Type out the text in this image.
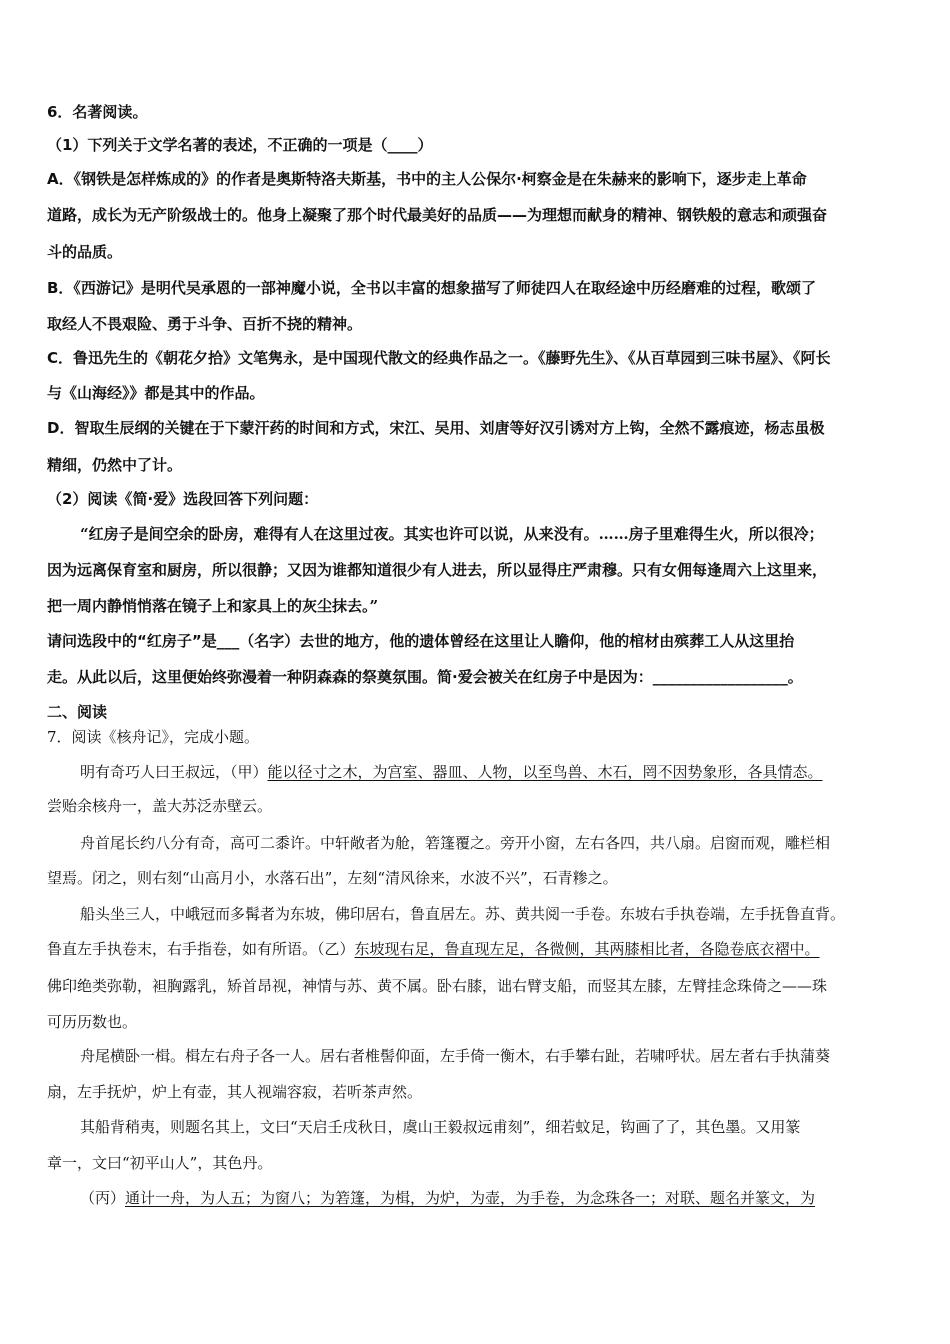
6．名著阅读。
（1）下列关于文学名著的表述，不正确的一项是（____）
A．《钢铁是怎样炼成的》的作者是奥斯特洛夫斯基，书中的主人公保尔·柯察金是在朱赫来的影响下，逐步走上革命
道路，成长为无产阶级战士的。他身上凝聚了那个时代最美好的品质——为理想而献身的精神、钢铁般的意志和顽强奋
斗的品质。
B．《西游记》是明代吴承恩的一部神魔小说，全书以丰富的想象描写了师徒四人在取经途中历经磨难的过程，歌颂了
取经人不畏艰险、勇于斗争、百折不挠的精神。
C．鲁迅先生的《朝花夕拾》文笔隽永，是中国现代散文的经典作品之一。《藤野先生》、《从百草园到三味书屋》、《阿长
与《山海经》》都是其中的作品。
D．智取生辰纲的关键在于下蒙汗药的时间和方式，宋江、吴用、刘唐等好汉引诱对方上钩，全然不露痕迹，杨志虽极
精细，仍然中了计。
（2）阅读《简·爱》选段回答下列问题：
“红房子是间空余的卧房，难得有人在这里过夜。其实也许可以说，从来没有。……房子里难得生火，所以很冷；
因为远离保育室和厨房，所以很静；又因为谁都知道很少有人进去，所以显得庄严肃穆。只有女佣每逢周六上这里来，
把一周内静悄悄落在镜子上和家具上的灰尘抹去。”
请问选段中的“红房子”是___（名字）去世的地方，他的遗体曾经在这里让人瞻仰，他的棺材由殡葬工人从这里抬
走。从此以后，这里便始终弥漫着一种阴森森的祭奠氛围。简·爱会被关在红房子中是因为：__________________。
二、阅读
7．阅读《核舟记》，完成小题。
明有奇巧人曰王叔远，（甲）能以径寸之木，为宫室、器皿、人物，以至鸟兽、木石，罔不因势象形，各具情态。
尝贻余核舟一，盖大苏泛赤壁云。
舟首尾长约八分有奇，高可二黍许。中轩敞者为舱，箬篷覆之。旁开小窗，左右各四，共八扇。启窗而观，雕栏相
望焉。闭之，则右刻“山高月小，水落石出”，左刻“清风徐来，水波不兴”，石青糁之。
船头坐三人，中峨冠而多髯者为东坡，佛印居右，鲁直居左。苏、黄共阅一手卷。东坡右手执卷端，左手抚鲁直背。
鲁直左手执卷末，右手指卷，如有所语。（乙）东坡现右足，鲁直现左足，各微侧，其两膝相比者，各隐卷底衣褶中。
佛印绝类弥勒，袒胸露乳，矫首昂视，神情与苏、黄不属。卧右膝，诎右臂支船，而竖其左膝，左臂挂念珠倚之——珠
可历历数也。
舟尾横卧一楫。楫左右舟子各一人。居右者椎髻仰面，左手倚一衡木，右手攀右趾，若啸呼状。居左者右手执蒲葵
扇，左手抚炉，炉上有壶，其人视端容寂，若听茶声然。
其船背稍夷，则题名其上，文曰“天启壬戌秋日，虞山王毅叔远甫刻”，细若蚊足，钩画了了，其色墨。又用篆
章一，文曰“初平山人”，其色丹。
（丙）通计一舟，为人五；为窗八；为箬篷，为楫，为炉，为壶，为手卷，为念珠各一；对联、题名并篆文，为
